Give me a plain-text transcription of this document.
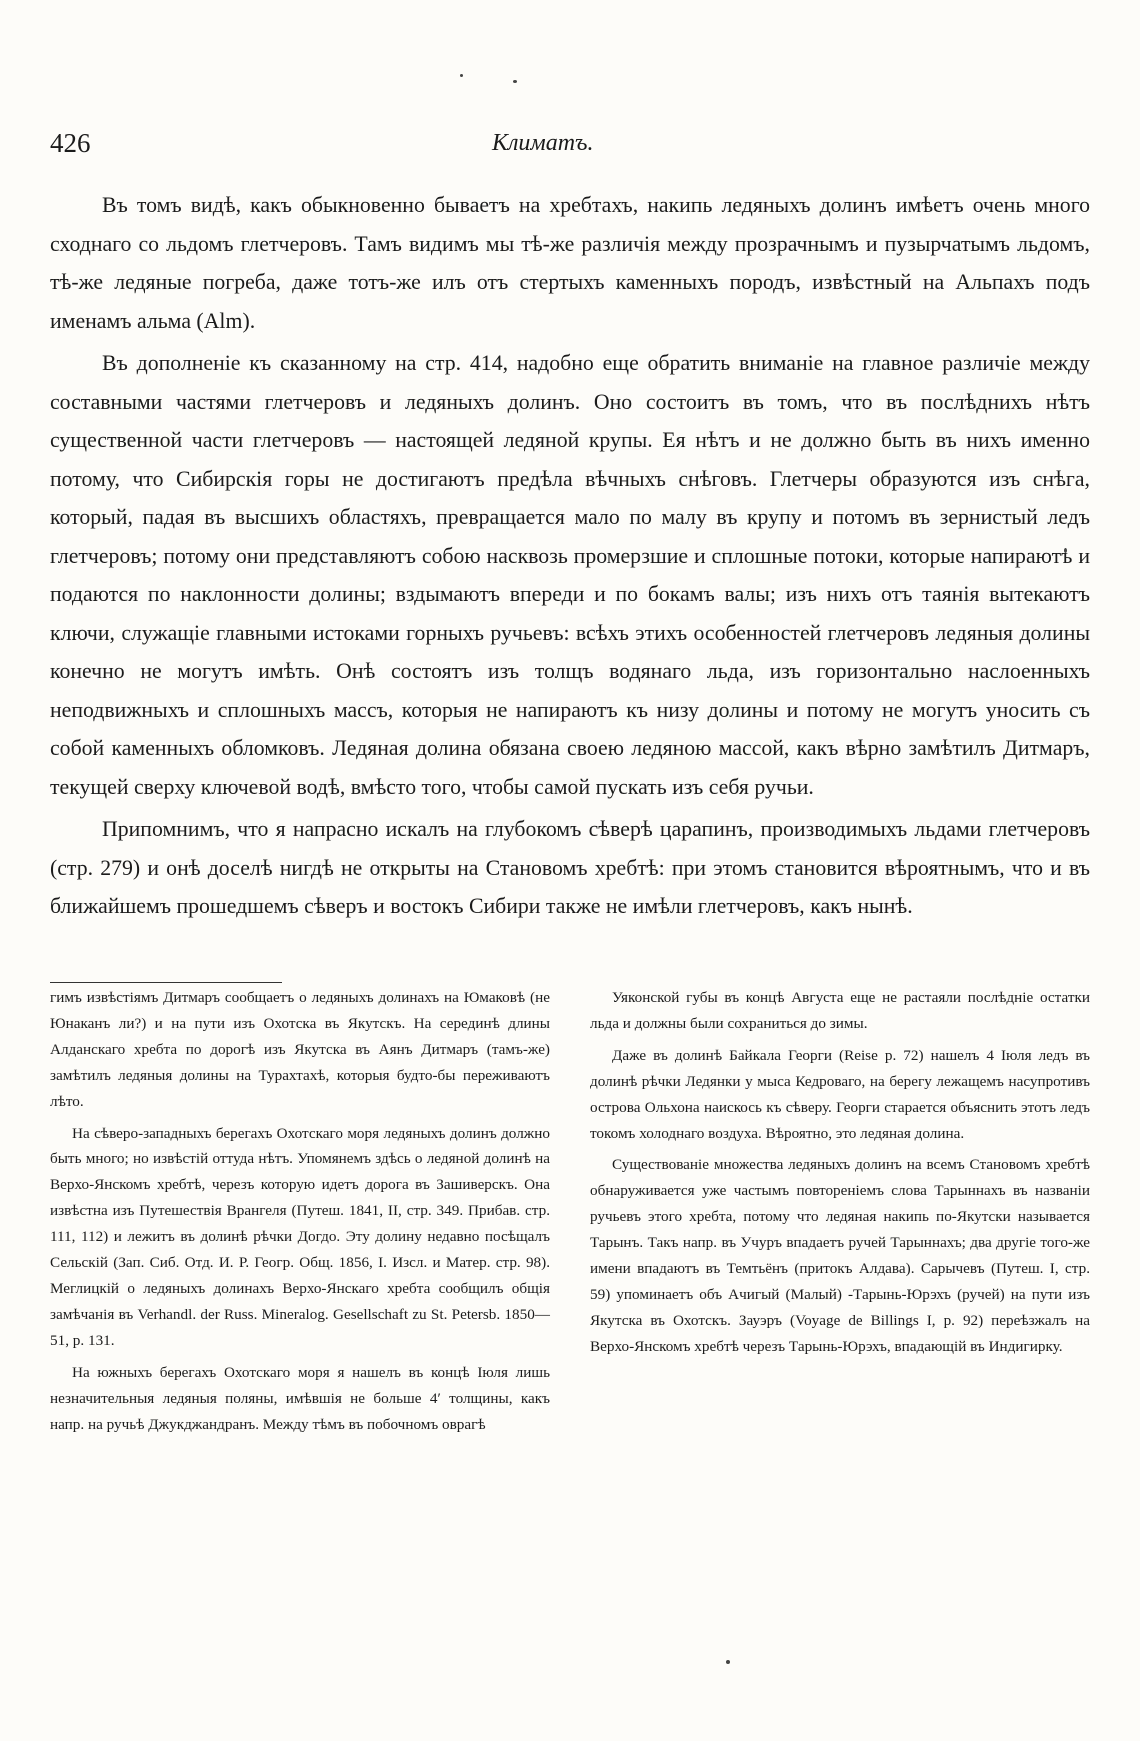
426	Климатъ.

Въ томъ видѣ, какъ обыкновенно бываетъ на хребтахъ, накипь ледяныхъ долинъ имѣетъ очень много сходнаго со льдомъ глетчеровъ. Тамъ видимъ мы тѣ-же различія между прозрачнымъ и пузырчатымъ льдомъ, тѣ-же ледяные погреба, даже тотъ-же илъ отъ стертыхъ каменныхъ породъ, извѣстный на Альпахъ подъ именамъ альма (Alm).

Въ дополненіе къ сказанному на стр. 414, надобно еще обратить вниманіе на главное различіе между составными частями глетчеровъ и ледяныхъ долинъ. Оно состоитъ въ томъ, что въ послѣднихъ нѣтъ существенной части глетчеровъ — настоящей ледяной крупы. Ея нѣтъ и не должно быть въ нихъ именно потому, что Сибирскія горы не достигаютъ предѣла вѣчныхъ снѣговъ. Глетчеры образуются изъ снѣга, который, падая въ высшихъ областяхъ, превращается мало по малу въ крупу и потомъ въ зернистый ледъ глетчеровъ; потому они представляютъ собою насквозь промерзшие и сплошные потоки, которые напираютъ и подаются по наклонности долины; вздымаютъ впереди и по бокамъ валы; изъ нихъ отъ таянія вытекаютъ ключи, служащіе главными истоками горныхъ ручьевъ: всѣхъ этихъ особенностей глетчеровъ ледяныя долины конечно не могутъ имѣть. Онѣ состоятъ изъ толщъ водянаго льда, изъ горизонтально наслоенныхъ неподвижныхъ и сплошныхъ массъ, которыя не напираютъ къ низу долины и потому не могутъ уносить съ собой каменныхъ обломковъ. Ледяная долина обязана своею ледяною массой, какъ вѣрно замѣтилъ Дитмаръ, текущей сверху ключевой водѣ, вмѣсто того, чтобы самой пускать изъ себя ручьи.

Припомнимъ, что я напрасно искалъ на глубокомъ сѣверѣ царапинъ, производимыхъ льдами глетчеровъ (стр. 279) и онѣ доселѣ нигдѣ не открыты на Становомъ хребтѣ: при этомъ становится вѣроятнымъ, что и въ ближайшемъ прошедшемъ сѣверъ и востокъ Сибири также не имѣли глетчеровъ, какъ нынѣ.

гимъ извѣстіямъ Дитмаръ сообщаетъ о ледяныхъ долинахъ на Юмаковѣ (не Юнаканъ ли?) и на пути изъ Охотска въ Якутскъ. На серединѣ длины Алданскаго хребта по дорогѣ изъ Якутска въ Аянъ Дитмаръ (тамъ-же) замѣтилъ ледяныя долины на Турахтахѣ, которыя будто-бы переживаютъ лѣто.

На сѣверо-западныхъ берегахъ Охотскаго моря ледяныхъ долинъ должно быть много; но извѣстій оттуда нѣтъ. Упомянемъ здѣсь о ледяной долинѣ на Верхо-Янскомъ хребтѣ, черезъ которую идетъ дорога въ Зашиверскъ. Она извѣстна изъ Путешествія Врангеля (Путеш. 1841, II, стр. 349. Прибав. стр. 111, 112) и лежитъ въ долинѣ рѣчки Догдо. Эту долину недавно посѣщалъ Сельскій (Зап. Сиб. Отд. И. Р. Геогр. Общ. 1856, I. Изсл. и Матер. стр. 98). Меглицкій о ледяныхъ долинахъ Верхо-Янскаго хребта сообщилъ общія замѣчанія въ Verhandl. der Russ. Mineralog. Gesellschaft zu St. Petersb. 1850—51, р. 131.

На южныхъ берегахъ Охотскаго моря я нашелъ въ концѣ Іюля лишь незначительныя ледяныя поляны, имѣвшія не больше 4′ толщины, какъ напр. на ручьѣ Джукджандранъ. Между тѣмъ въ побочномъ оврагѣ

Уяконской губы въ концѣ Августа еще не растаяли послѣдніе остатки льда и должны были сохраниться до зимы.

Даже въ долинѣ Байкала Георги (Reise p. 72) нашелъ 4 Іюля ледъ въ долинѣ рѣчки Ледянки у мыса Кедроваго, на берегу лежащемъ насупротивъ острова Ольхона наискось къ сѣверу. Георги старается объяснить этотъ ледъ токомъ холоднаго воздуха. Вѣроятно, это ледяная долина.

Существованіе множества ледяныхъ долинъ на всемъ Становомъ хребтѣ обнаруживается уже частымъ повтореніемъ слова Тарыннахъ въ названіи ручьевъ этого хребта, потому что ледяная накипь по-Якутски называется Тарынъ. Такъ напр. въ Учуръ впадаетъ ручей Тарыннахъ; два другіе того-же имени впадаютъ въ Темтьёнъ (притокъ Алдава). Сарычевъ (Путеш. I, стр. 59) упоминаетъ объ Ачигый (Малый) -Тарынь-Юрэхъ (ручей) на пути изъ Якутска въ Охотскъ. Зауэръ (Voyage de Billings I, p. 92) переѣзжалъ на Верхо-Янскомъ хребтѣ черезъ Тарынь-Юрэхъ, впадающій въ Индигирку.
